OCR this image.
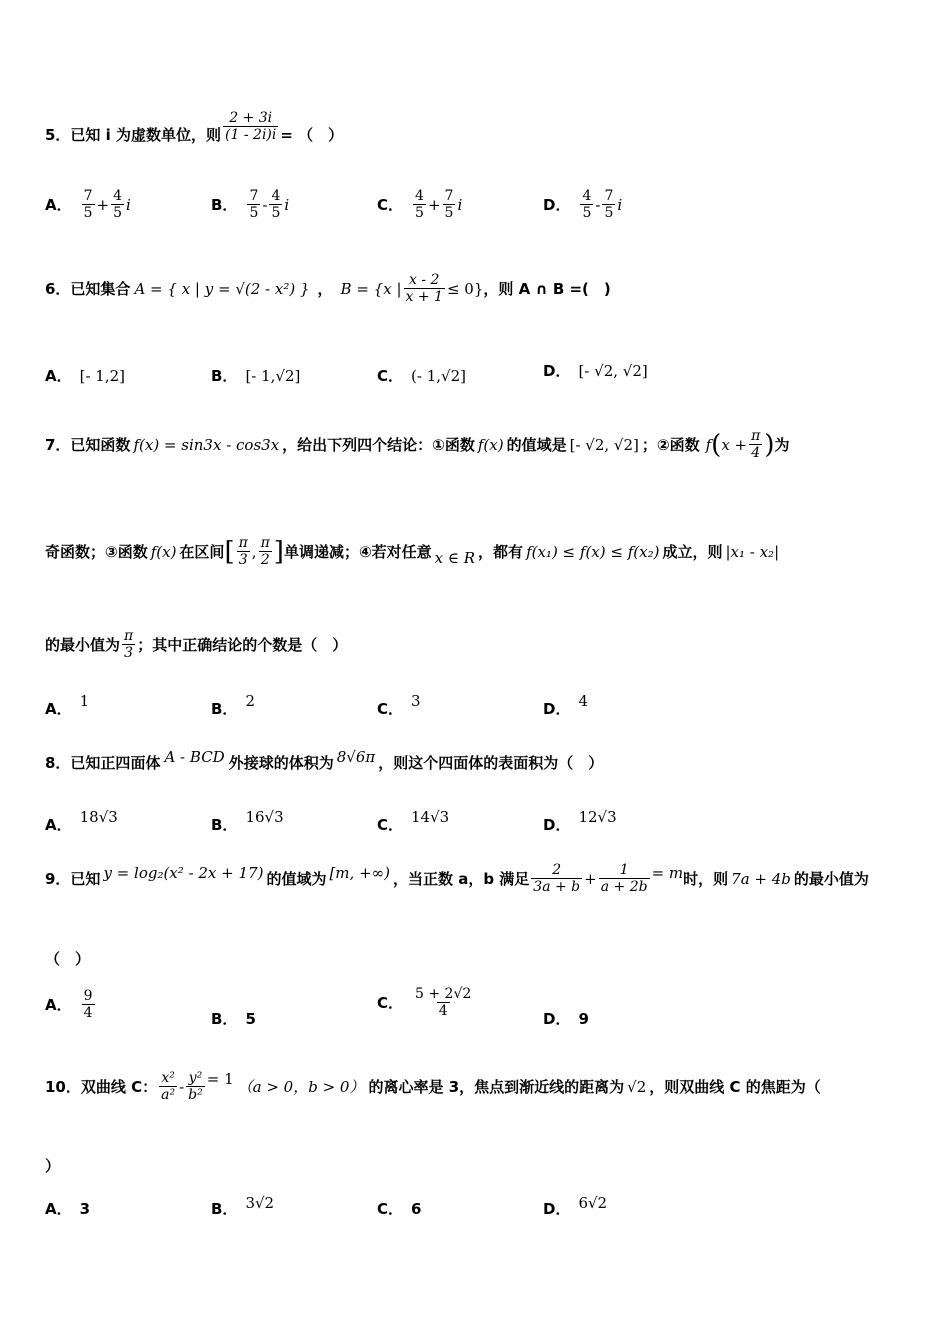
5．已知 i 为虚数单位，则 $\frac{2 + 3i}{(1 - 2i)i}$ = （　）
A． $\frac{7}{5} + \frac{4}{5}$ i	B． $\frac{7}{5} - \frac{4}{5}$ i	C． $\frac{4}{5} + \frac{7}{5}$ i	D． $\frac{4}{5} - \frac{7}{5}$ i
6．已知集合 A = { x | y = √(2 - x²) } ， B = {x | $\frac{x - 2}{x + 1} \le 0$} ，则 A ∩ B =(　)
A． [- 1,2]	B． [- 1,√2]	C． (- 1,√2]	D． [- √2, √2]
7．已知函数 f(x) = sin3x - cos3x ，给出下列四个结论：①函数 f(x) 的值域是 [- √2, √2] ；②函数 f ( $x + \frac{\pi}{4}$ ) 为
奇函数；③函数 f(x) 在区间 [ $\frac{\pi}{3}$ , $\frac{\pi}{2}$ ] 单调递减；④若对任意 x ∈ R ，都有 f(x₁) ≤ f(x) ≤ f(x₂) 成立，则 |x₁ - x₂|
的最小值为 $\frac{\pi}{3}$ ；其中正确结论的个数是（　）
A． 1	B． 2	C． 3	D． 4
8．已知正四面体 A - BCD 外接球的体积为 8√6π ，则这个四面体的表面积为（　）
A． 18√3	B． 16√3	C． 14√3	D． 12√3
9．已知 y = log₂(x² - 2x + 17) 的值域为 [m, +∞) ，当正数 a，b 满足 $\frac{2}{3a + b} + \frac{1}{a + 2b} = m$ 时，则 7a + 4b 的最小值为
（　）
A． $\frac{9}{4}$	B． 5
C． $\frac{5 + 2√2}{4}$	D． 9
10．双曲线 C： $\frac{\text{x²}}{\text{a²}} - \frac{\text{y²}}{\text{b²}} = 1$ （a > 0，b > 0） 的离心率是 3，焦点到渐近线的距离为 √2 ，则双曲线 C 的焦距为（
）
A． 3	B． 3√2	C． 6	D． 6√2
